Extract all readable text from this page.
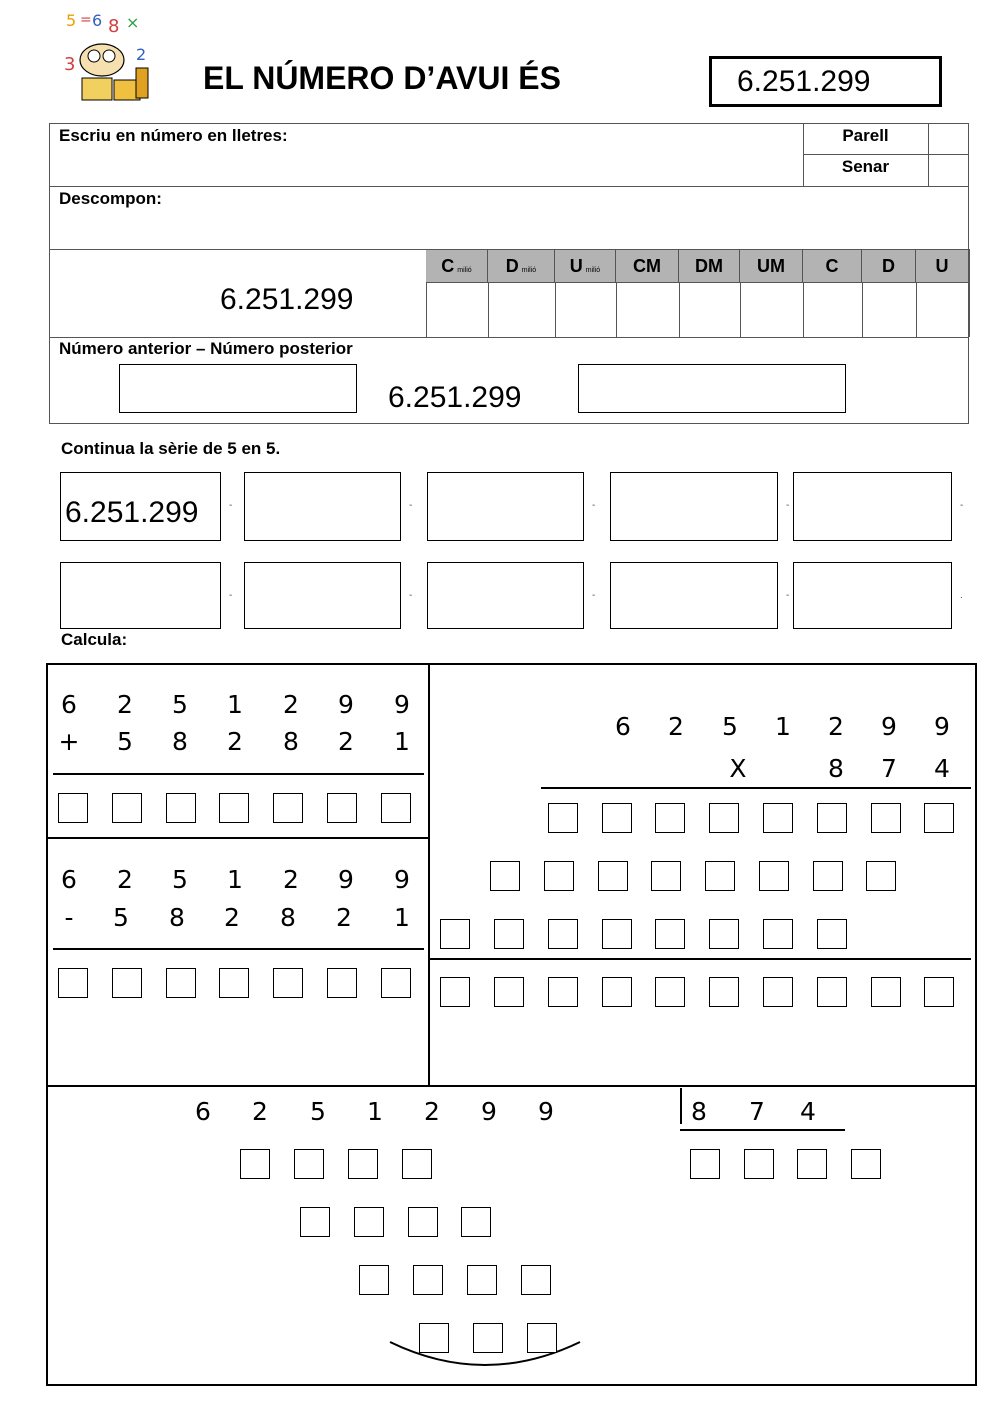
5 = 6 8 ×
3	2
EL NÚMERO D’AVUI ÉS	6.251.299
Escriu en número en lletres:	Parell
Senar
Descompon:
6.251.299
Cmilió	Dmilió	Umilió	CM	DM	UM	C	D	U
Número anterior – Número posterior
6.251.299
Continua la sèrie de 5 en 5.
6.251.299	-	-	-	-	-
-	-	-	-	.
Calcula:
6 2 5 1 2 9 9
+ 5 8 2 8 2 1
6 2 5 1 2 9 9
-	5 8 2 8 2 1
6 2 5 1 2 9 9
X	8 7 4
6 2 5 1 2 9 9	8 7 4
